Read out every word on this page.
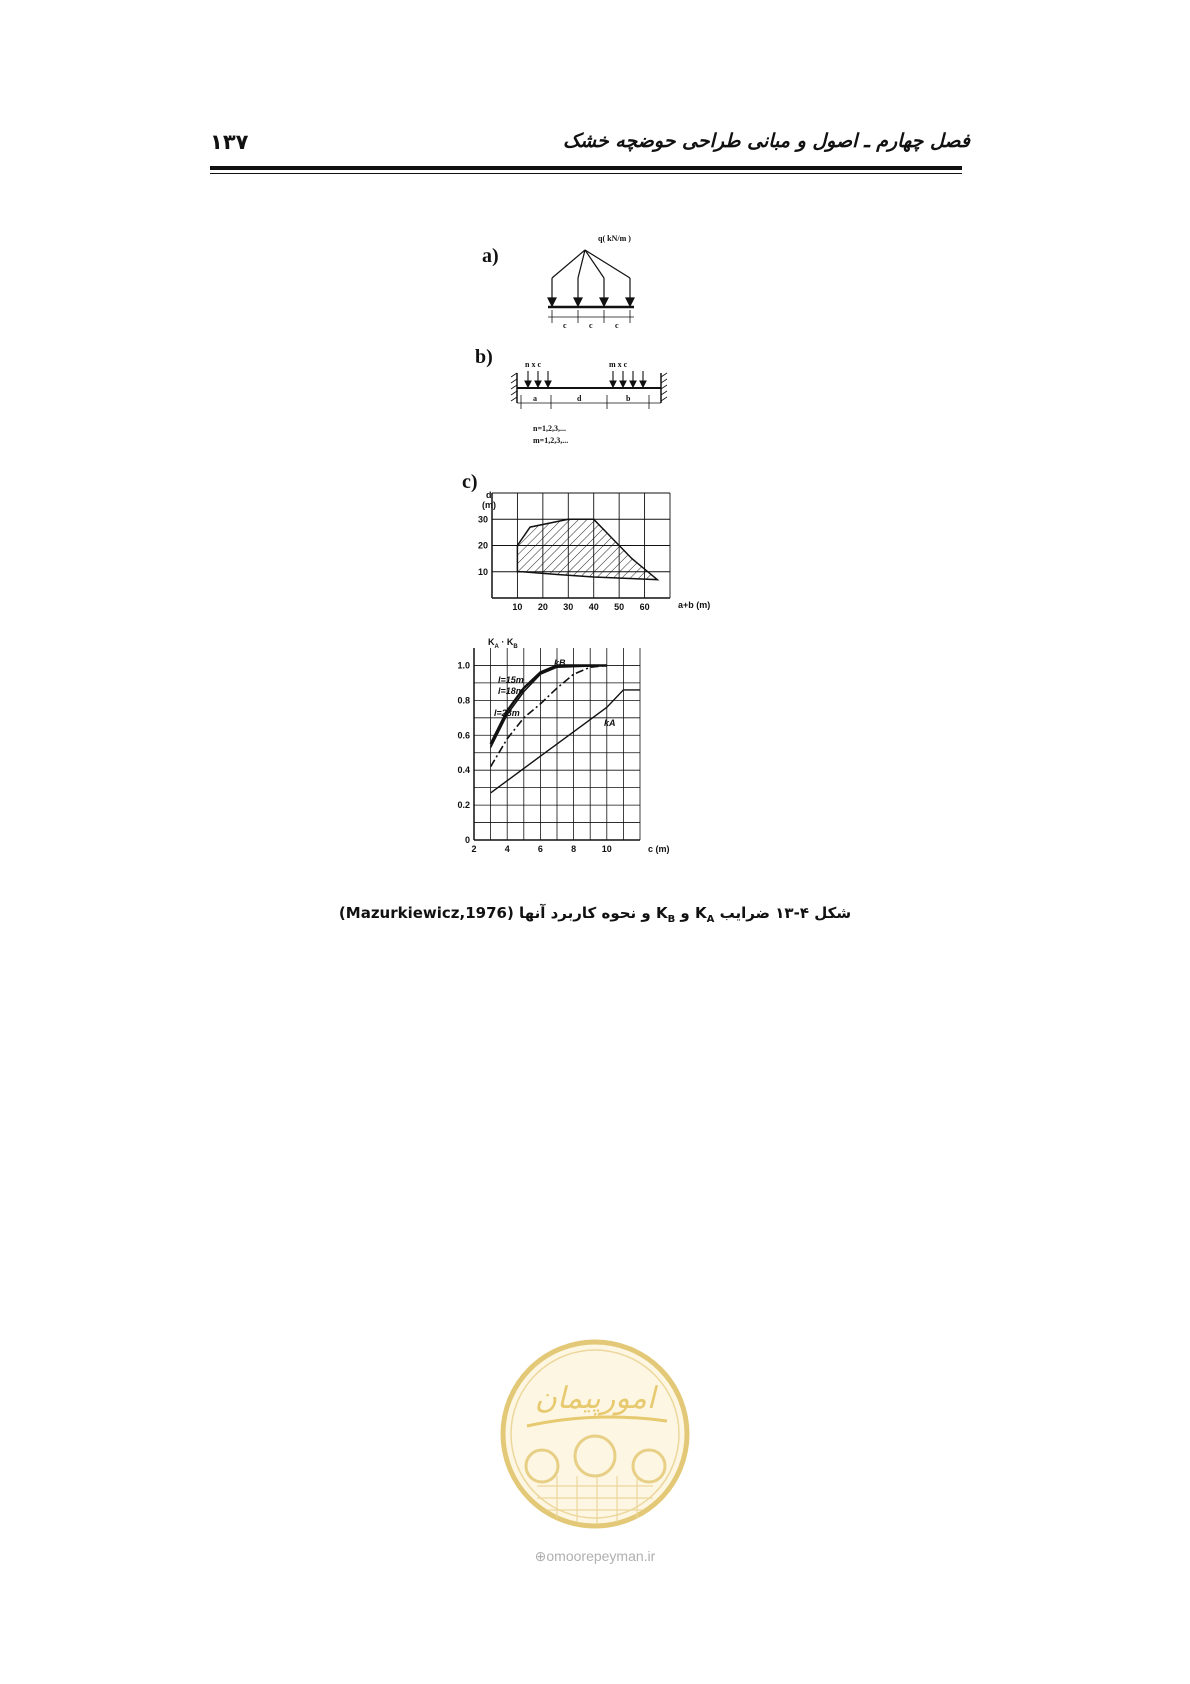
۱۳۷	فصل چهارم ـ اصول و مبانی طراحی حوضچه خشک
a)
q( kN/m )
c	c	c
b)	n x c	m x c
a	d	b
n=1,2,3,...
m=1,2,3,...
c)
d
(m)
30
20
10
10 20 30 40 50 60	a+b (m)
$K_A \cdot K_B$
1.0
0.8
0.6
0.4
0.2
0
2	4	6	8	10	c (m)
l=15m
l=18m
l=23m
kB
kA
شکل ۴-۱۳ ضرایب $K_A$ و $K_B$ و نحوه کاربرد آنها (Mazurkiewicz,1976)
امورپیمان
⊕omoorepeyman.ir
